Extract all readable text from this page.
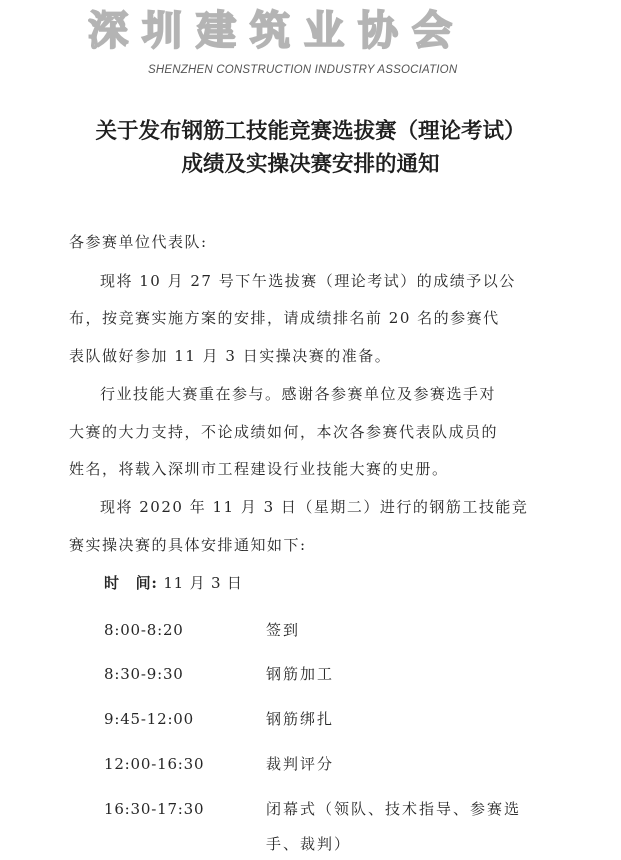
深圳建筑业协会
SHENZHEN CONSTRUCTION INDUSTRY ASSOCIATION
关于发布钢筋工技能竞赛选拔赛（理论考试）
成绩及实操决赛安排的通知
各参赛单位代表队:
现将 10 月 27 号下午选拔赛（理论考试）的成绩予以公
布，按竞赛实施方案的安排，请成绩排名前 20 名的参赛代
表队做好参加 11 月 3 日实操决赛的准备。
行业技能大赛重在参与。感谢各参赛单位及参赛选手对
大赛的大力支持，不论成绩如何，本次各参赛代表队成员的
姓名，将载入深圳市工程建设行业技能大赛的史册。
现将 2020 年 11 月 3 日（星期二）进行的钢筋工技能竞
赛实操决赛的具体安排通知如下:
时　间: 11 月 3 日
8:00-8:20	签到
8:30-9:30	钢筋加工
9:45-12:00	钢筋绑扎
12:00-16:30	裁判评分
16:30-17:30	闭幕式（领队、技术指导、参赛选
手、裁判）
